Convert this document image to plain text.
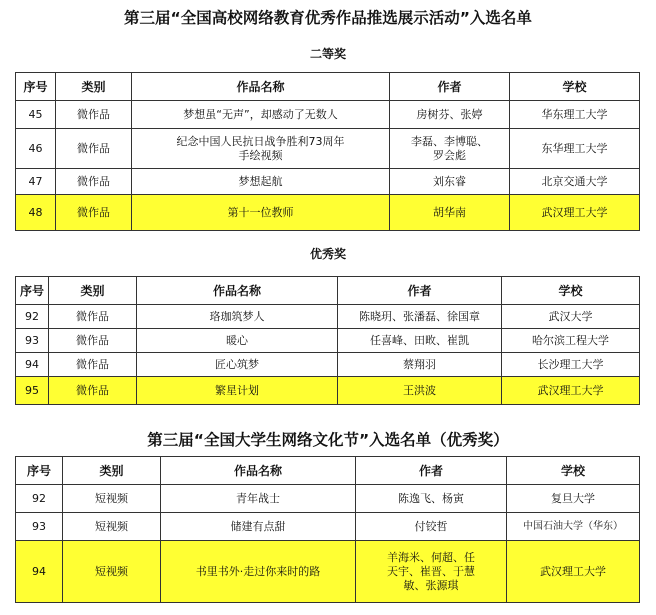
第三届“全国高校网络教育优秀作品推选展示活动”入选名单
二等奖
序号	类别	作品名称	作者	学校
45	微作品	梦想虽“无声”，却感动了无数人	房树芬、张婷	华东理工大学
46	微作品	纪念中国人民抗日战争胜利73周年手绘视频	李磊、李博聪、罗会彪	东华理工大学
47	微作品	梦想起航	刘东睿	北京交通大学
48	微作品	第十一位教师	胡华南	武汉理工大学
优秀奖
序号	类别	作品名称	作者	学校
92	微作品	珞珈筑梦人	陈晓玥、张潘磊、徐国章	武汉大学
93	微作品	暖心	任喜峰、田畋、崔凯	哈尔滨工程大学
94	微作品	匠心筑梦	蔡翔羽	长沙理工大学
95	微作品	繁星计划	王洪波	武汉理工大学
第三届“全国大学生网络文化节”入选名单（优秀奖）
序号	类别	作品名称	作者	学校
92	短视频	青年战士	陈逸飞、杨寅	复旦大学
93	短视频	储建有点甜	付铰哲	中国石油大学（华东）
94	短视频	书里书外·走过你来时的路	羊海米、何超、任天宇、崔晋、于慧敏、张源琪	武汉理工大学
